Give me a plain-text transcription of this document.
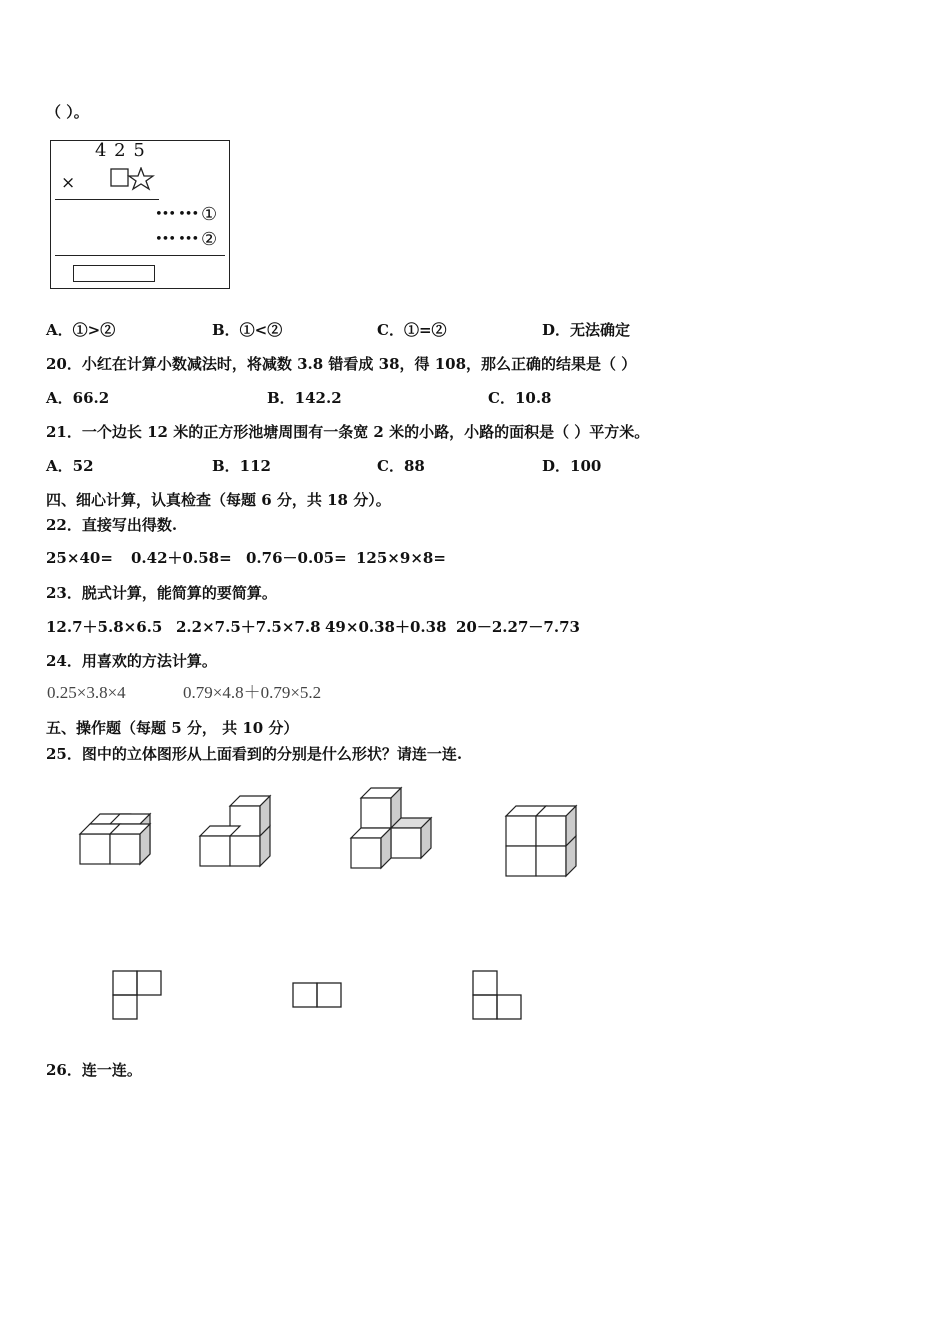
（ ）。
4 2 5
×
••• ••• ①
••• ••• ②
A．①>②	B．①<②	C．①=②	D．无法确定
20．小红在计算小数减法时，将减数 3.8 错看成 38，得 108，那么正确的结果是（ ）
A．66.2	B．142.2	C．10.8
21．一个边长 12 米的正方形池塘周围有一条宽 2 米的小路，小路的面积是（ ）平方米。
A．52	B．112	C．88	D．100
四、细心计算，认真检查（每题 6 分，共 18 分）。
22．直接写出得数.
25×40= 0.42＋0.58= 0.76－0.05= 125×9×8=
23．脱式计算，能简算的要简算。
12.7＋5.8×6.5 2.2×7.5＋7.5×7.8 49×0.38＋0.38 20－2.27－7.73
24．用喜欢的方法计算。
0.25×3.8×4	0.79×4.8＋0.79×5.2
五、操作题（每题 5 分， 共 10 分）
25．图中的立体图形从上面看到的分别是什么形状？请连一连.
26．连一连。
